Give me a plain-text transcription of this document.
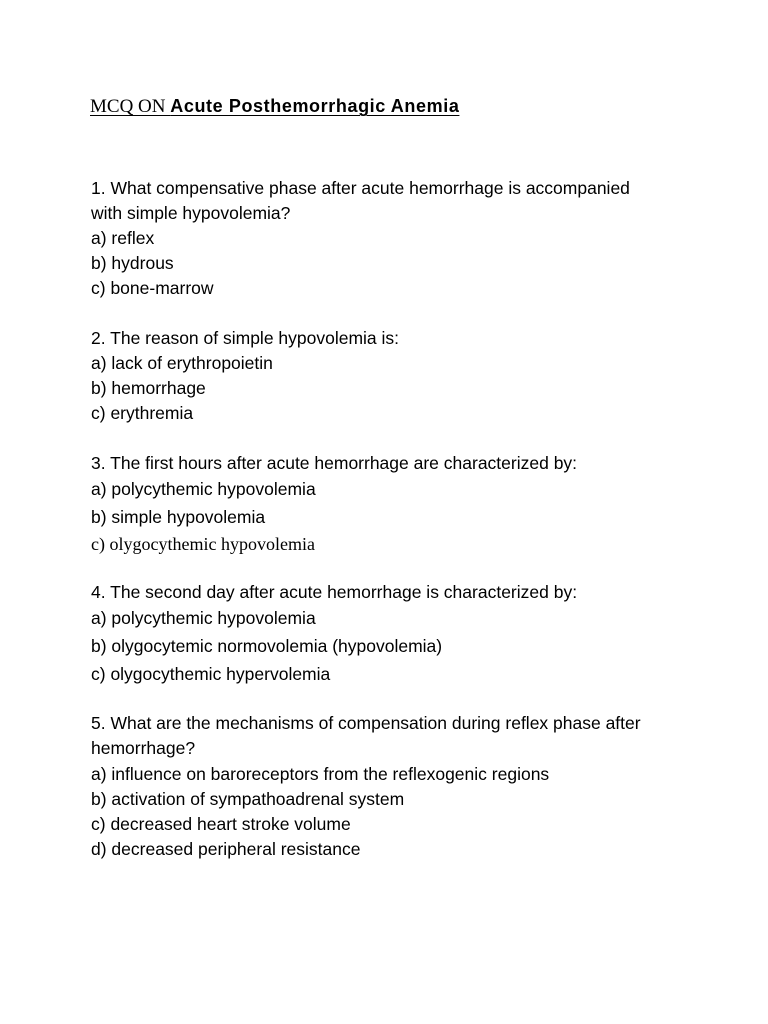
MCQ ON Acute Posthemorrhagic Anemia
1. What compensative phase after acute hemorrhage is accompanied
with simple hypovolemia?
a) reflex
b) hydrous
c) bone-marrow
2. The reason of simple hypovolemia is:
a) lack of erythropoietin
b) hemorrhage
c) erythremia
3. The first hours after acute hemorrhage are characterized by:
a) polycythemic hypovolemia
b) simple hypovolemia
c) olygocythemic hypovolemia
4. The second day after acute hemorrhage is characterized by:
a) polycythemic hypovolemia
b) olygocytemic normovolemia (hypovolemia)
c) olygocythemic hypervolemia
5. What are the mechanisms of compensation during reflex phase after
hemorrhage?
a) influence on baroreceptors from the reflexogenic regions
b) activation of sympathoadrenal system
c) decreased heart stroke volume
d) decreased peripheral resistance
